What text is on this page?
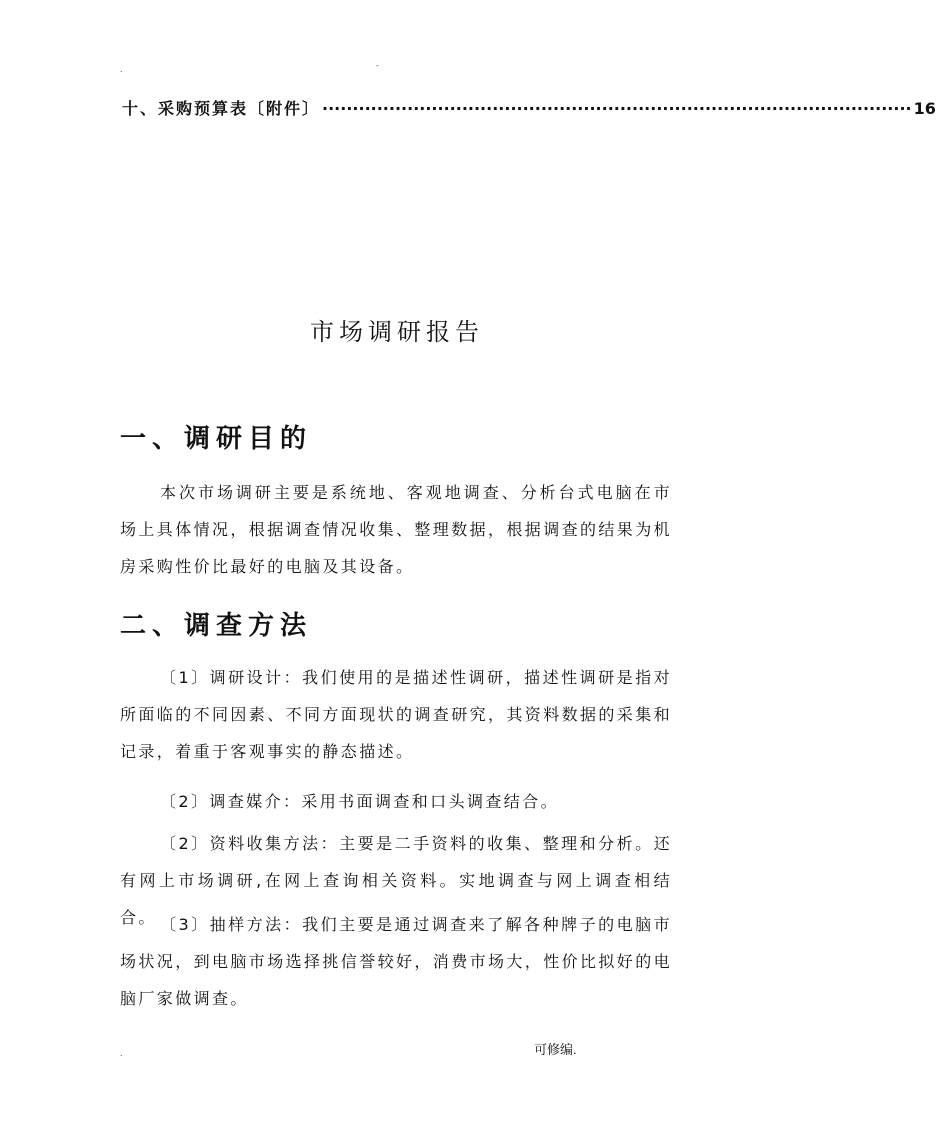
.	-
十、采购预算表〔附件〕 ································································································· 16
市场调研报告
一、调研目的
本次市场调研主要是系统地、客观地调查、分析台式电脑在市场上具体情况，根据调查情况收集、整理数据，根据调查的结果为机房采购性价比最好的电脑及其设备。
二、调查方法
〔1〕调研设计：我们使用的是描述性调研，描述性调研是指对所面临的不同因素、不同方面现状的调查研究，其资料数据的采集和记录，着重于客观事实的静态描述。
〔2〕调查媒介：采用书面调查和口头调查结合。
〔2〕资料收集方法：主要是二手资料的收集、整理和分析。还有网上市场调研,在网上查询相关资料。实地调查与网上调查相结合。 〔3〕抽样方法：我们主要是通过调查来了解各种牌子的电脑市场状况，到电脑市场选择挑信誉较好，消费市场大，性价比拟好的电脑厂家做调查。
.	可修编.
